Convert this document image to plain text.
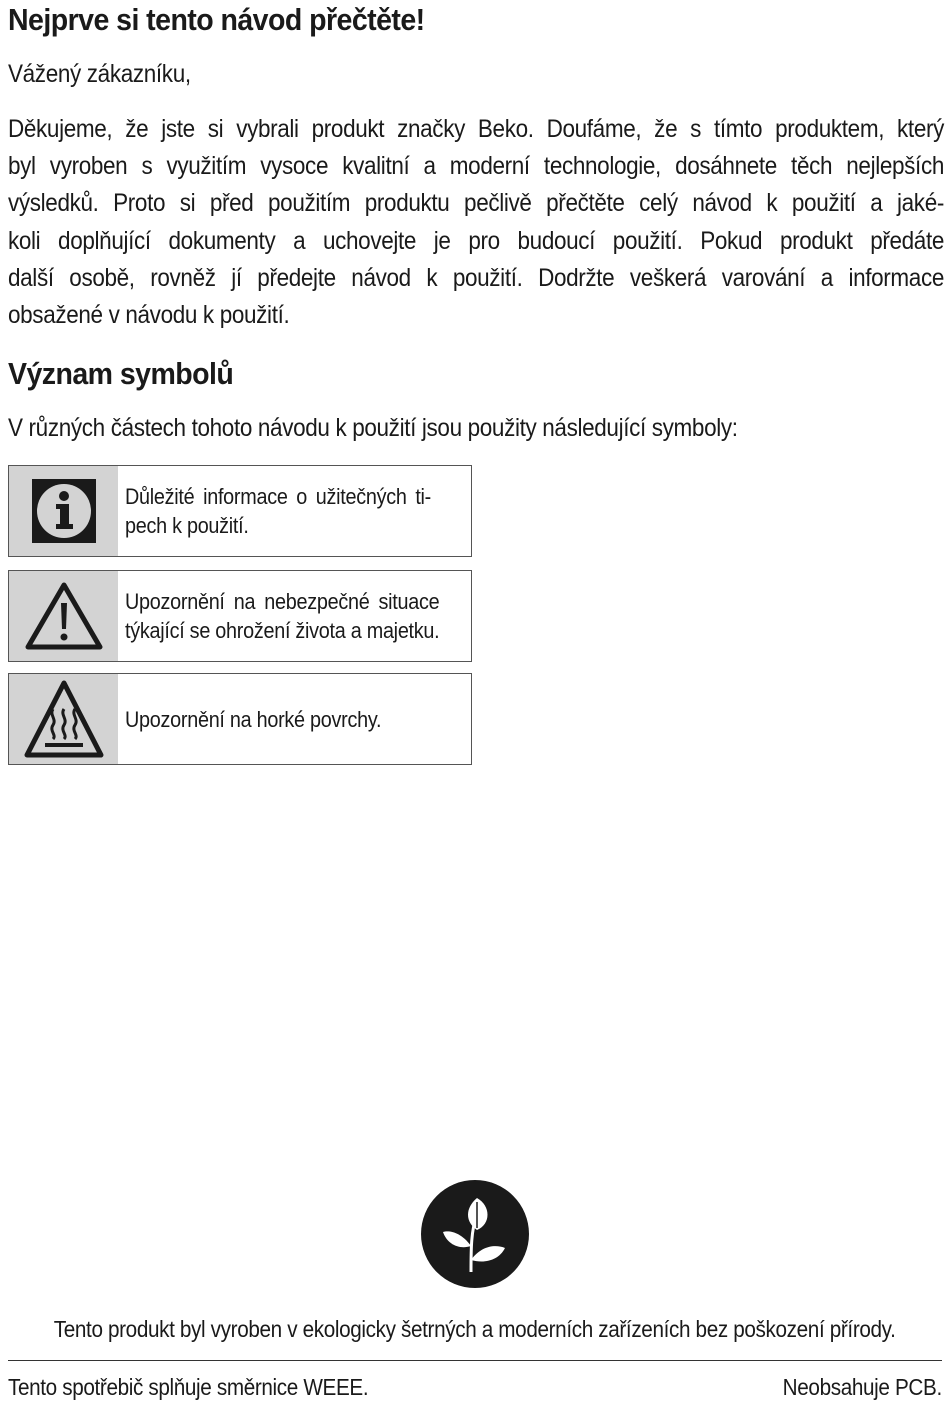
Nejprve si tento návod přečtěte!
Vážený zákazníku,
Děkujeme, že jste si vybrali produkt značky Beko. Doufáme, že s tímto produktem, který
byl vyroben s využitím vysoce kvalitní a moderní technologie, dosáhnete těch nejlepších
výsledků. Proto si před použitím produktu pečlivě přečtěte celý návod k použití a jaké-
koli doplňující dokumenty a uchovejte je pro budoucí použití. Pokud produkt předáte
další osobě, rovněž jí předejte návod k použití. Dodržte veškerá varování a informace
obsažené v návodu k použití.
Význam symbolů
V různých částech tohoto návodu k použití jsou použity následující symboly:
Důležité informace o užitečných ti-
pech k použití.
Upozornění na nebezpečné situace
týkající se ohrožení života a majetku.
Upozornění na horké povrchy.
Tento produkt byl vyroben v ekologicky šetrných a moderních zařízeních bez poškození přírody.
Tento spotřebič splňuje směrnice WEEE.	Neobsahuje PCB.
